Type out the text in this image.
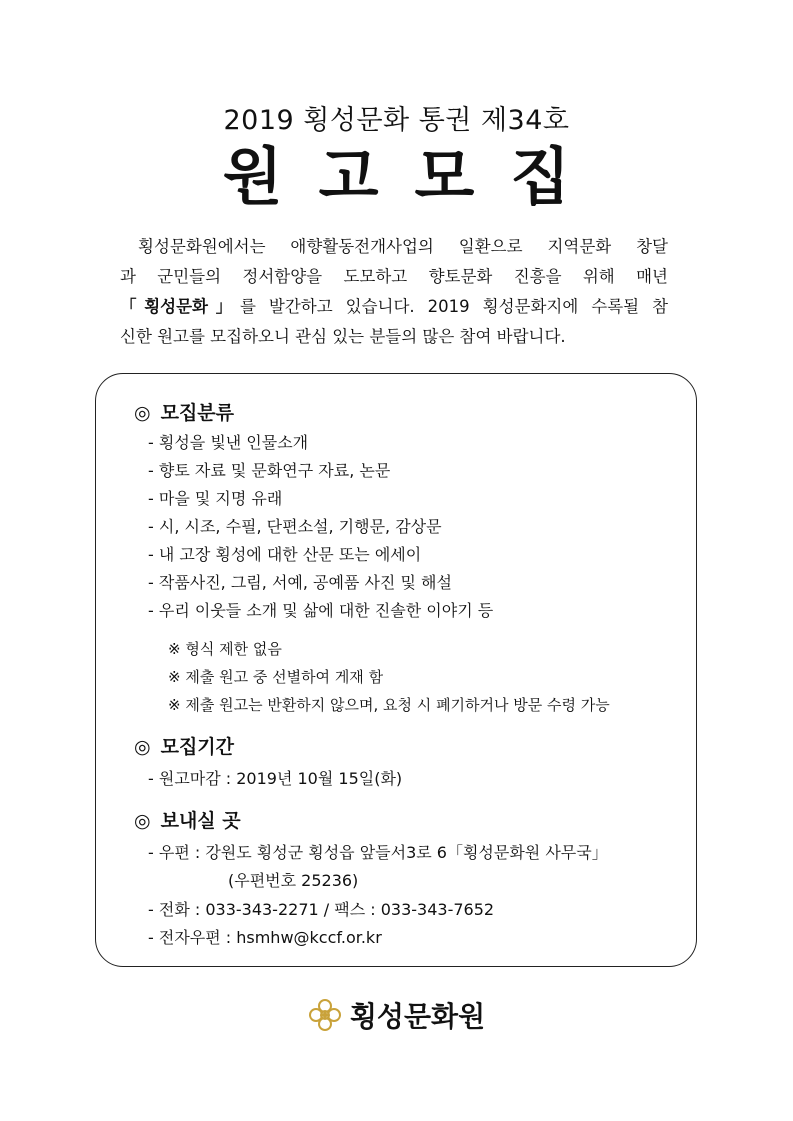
2019 횡성문화 통권 제34호
원고모집

횡성문화원에서는 애향활동전개사업의 일환으로 지역문화 창달

과 군민들의 정서함양을 도모하고 향토문화 진흥을 위해 매년

「횡성문화」를 발간하고 있습니다. 2019 횡성문화지에 수록될 참

신한 원고를 모집하오니 관심 있는 분들의 많은 참여 바랍니다.

◎ 모집분류
- 횡성을 빛낸 인물소개
- 향토 자료 및 문화연구 자료, 논문
- 마을 및 지명 유래
- 시, 시조, 수필, 단편소설, 기행문, 감상문
- 내 고장 횡성에 대한 산문 또는 에세이
- 작품사진, 그림, 서예, 공예품 사진 및 해설
- 우리 이웃들 소개 및 삶에 대한 진솔한 이야기 등
※ 형식 제한 없음
※ 제출 원고 중 선별하여 게재 함
※ 제출 원고는 반환하지 않으며, 요청 시 폐기하거나 방문 수령 가능
◎ 모집기간
- 원고마감 : 2019년 10월 15일(화)
◎ 보내실 곳
- 우편 : 강원도 횡성군 횡성읍 앞들서3로 6「횡성문화원 사무국」
(우편번호 25236)
- 전화 : 033-343-2271 / 팩스 : 033-343-7652
- 전자우편 : hsmhw@kccf.or.kr
횡성문화원
